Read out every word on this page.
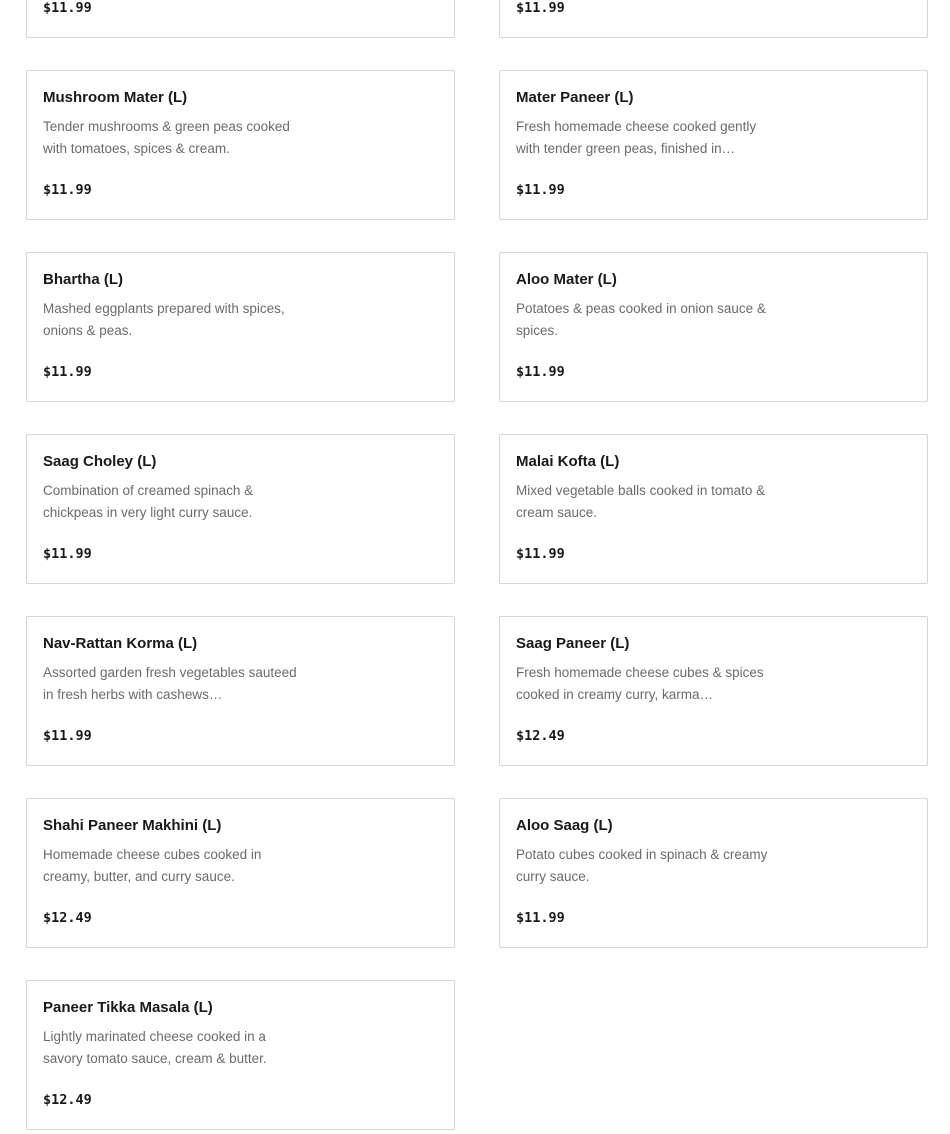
$11.99	$11.99
Mushroom Mater (L)
Tender mushrooms & green peas cooked with tomatoes, spices & cream.
$11.99
Mater Paneer (L)
Fresh homemade cheese cooked gently with tender green peas, finished in…
$11.99
Bhartha (L)
Mashed eggplants prepared with spices, onions & peas.
$11.99
Aloo Mater (L)
Potatoes & peas cooked in onion sauce & spices.
$11.99
Saag Choley (L)
Combination of creamed spinach & chickpeas in very light curry sauce.
$11.99
Malai Kofta (L)
Mixed vegetable balls cooked in tomato & cream sauce.
$11.99
Nav-Rattan Korma (L)
Assorted garden fresh vegetables sauteed in fresh herbs with cashews…
$11.99
Saag Paneer (L)
Fresh homemade cheese cubes & spices cooked in creamy curry, karma…
$12.49
Shahi Paneer Makhini (L)
Homemade cheese cubes cooked in creamy, butter, and curry sauce.
$12.49
Aloo Saag (L)
Potato cubes cooked in spinach & creamy curry sauce.
$11.99
Paneer Tikka Masala (L)
Lightly marinated cheese cooked in a savory tomato sauce, cream & butter.
$12.49
